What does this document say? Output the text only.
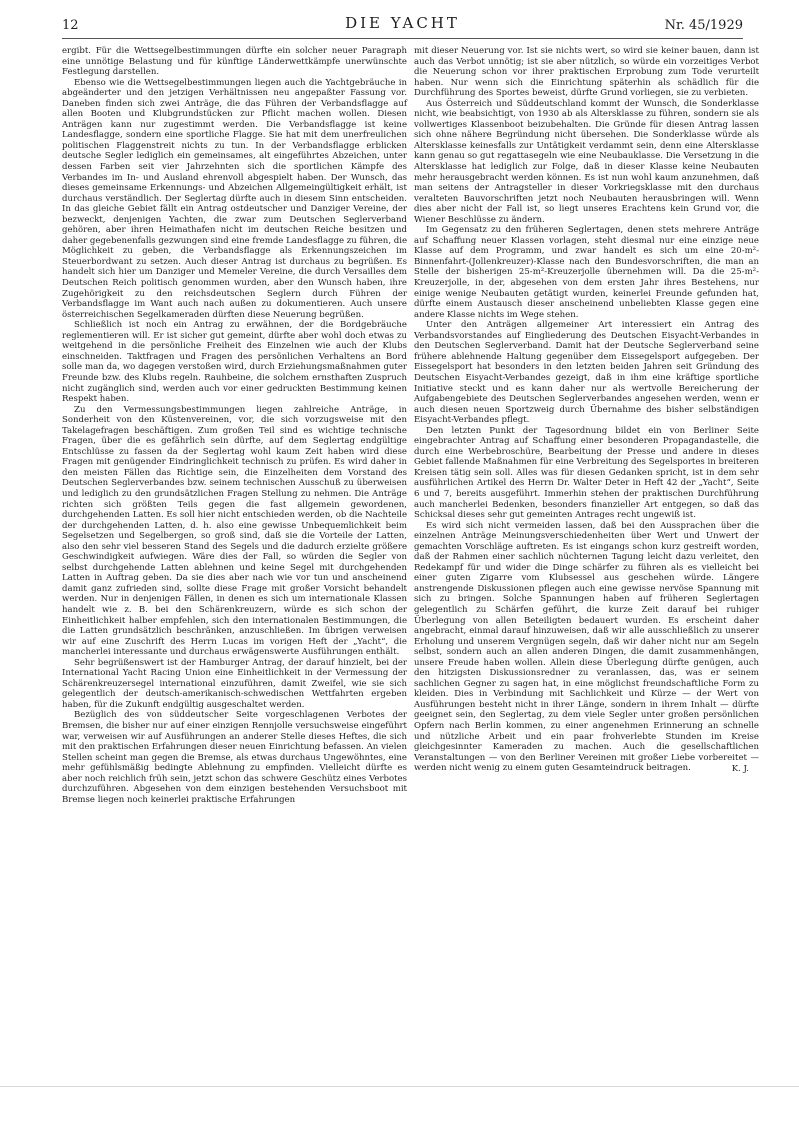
12	DIE YACHT	Nr. 45/1929

ergibt. Für die Wettsegelbestimmungen dürfte ein solcher neuer Paragraph eine unnötige Belastung und für künftige Länderwettkämpfe unerwünschte Festlegung darstellen.

Ebenso wie die Wettsegelbestimmungen liegen auch die Yachtgebräuche in abgeänderter und den jetzigen Verhältnissen neu angepaßter Fassung vor. Daneben finden sich zwei Anträge, die das Führen der Verbandsflagge auf allen Booten und Klubgrundstücken zur Pflicht machen wollen. Diesen Anträgen kann nur zugestimmt werden. Die Verbandsflagge ist keine Landesflagge, sondern eine sportliche Flagge. Sie hat mit dem unerfreulichen politischen Flaggenstreit nichts zu tun. In der Verbandsflagge erblicken deutsche Segler lediglich ein gemeinsames, alt eingeführtes Abzeichen, unter dessen Farben seit vier Jahrzehnten sich die sportlichen Kämpfe des Verbandes im In- und Ausland ehrenvoll abgespielt haben. Der Wunsch, das dieses gemeinsame Erkennungs- und Abzeichen Allgemeingültigkeit erhält, ist durchaus verständlich. Der Seglertag dürfte auch in diesem Sinn entscheiden. In das gleiche Gebiet fällt ein Antrag ostdeutscher und Danziger Vereine, der bezweckt, denjenigen Yachten, die zwar zum Deutschen Seglerverband gehören, aber ihren Heimathafen nicht im deutschen Reiche besitzen und daher gegebenenfalls gezwungen sind eine fremde Landesflagge zu führen, die Möglichkeit zu geben, die Verbandsflagge als Erkennungszeichen im Steuerbordwant zu setzen. Auch dieser Antrag ist durchaus zu begrüßen. Es handelt sich hier um Danziger und Memeler Vereine, die durch Versailles dem Deutschen Reich politisch genommen wurden, aber den Wunsch haben, ihre Zugehörigkeit zu den reichsdeutschen Seglern durch Führen der Verbandsflagge im Want auch nach außen zu dokumentieren. Auch unsere österreichischen Segelkameraden dürften diese Neuerung begrüßen.

Schließlich ist noch ein Antrag zu erwähnen, der die Bordgebräuche reglementieren will. Er ist sicher gut gemeint, dürfte aber wohl doch etwas zu weitgehend in die persönliche Freiheit des Einzelnen wie auch der Klubs einschneiden. Taktfragen und Fragen des persönlichen Verhaltens an Bord solle man da, wo dagegen verstoßen wird, durch Erziehungsmaßnahmen guter Freunde bzw. des Klubs regeln. Rauhbeine, die solchem ernsthaften Zuspruch nicht zugänglich sind, werden auch vor einer gedruckten Bestimmung keinen Respekt haben.

Zu den Vermessungsbestimmungen liegen zahlreiche Anträge, in Sonderheit von den Küstenvereinen, vor, die sich vorzugsweise mit den Takelagefragen beschäftigen. Zum großen Teil sind es wichtige technische Fragen, über die es gefährlich sein dürfte, auf dem Seglertag endgültige Entschlüsse zu fassen da der Seglertag wohl kaum Zeit haben wird diese Fragen mit genügender Eindringlichkeit technisch zu prüfen. Es wird daher in den meisten Fällen das Richtige sein, die Einzelheiten dem Vorstand des Deutschen Seglerverbandes bzw. seinem technischen Ausschuß zu überweisen und lediglich zu den grundsätzlichen Fragen Stellung zu nehmen. Die Anträge richten sich größten Teils gegen die fast allgemein gewordenen, durchgehenden Latten. Es soll hier nicht entschieden werden, ob die Nachteile der durchgehenden Latten, d. h. also eine gewisse Unbequemlichkeit beim Segelsetzen und Segelbergen, so groß sind, daß sie die Vorteile der Latten, also den sehr viel besseren Stand des Segels und die dadurch erzielte größere Geschwindigkeit aufwiegen. Wäre dies der Fall, so würden die Segler von selbst durchgehende Latten ablehnen und keine Segel mit durchgehenden Latten in Auftrag geben. Da sie dies aber nach wie vor tun und anscheinend damit ganz zufrieden sind, sollte diese Frage mit großer Vorsicht behandelt werden. Nur in denjenigen Fällen, in denen es sich um internationale Klassen handelt wie z. B. bei den Schärenkreuzern, würde es sich schon der Einheitlichkeit halber empfehlen, sich den internationalen Bestimmungen, die die Latten grundsätzlich beschränken, anzuschließen. Im übrigen verweisen wir auf eine Zuschrift des Herrn Lucas im vorigen Heft der „Yacht“, die mancherlei interessante und durchaus erwägenswerte Ausführungen enthält.

Sehr begrüßenswert ist der Hamburger Antrag, der darauf hinzielt, bei der International Yacht Racing Union eine Einheitlichkeit in der Vermessung der Schärenkreuzersegel international einzuführen, damit Zweifel, wie sie sich gelegentlich der deutsch-amerikanisch-schwedischen Wettfahrten ergeben haben, für die Zukunft endgültig ausgeschaltet werden.

Bezüglich des von süddeutscher Seite vorgeschlagenen Verbotes der Bremsen, die bisher nur auf einer einzigen Rennjolle versuchsweise eingeführt war, verweisen wir auf Ausführungen an anderer Stelle dieses Heftes, die sich mit den praktischen Erfahrungen dieser neuen Einrichtung befassen. An vielen Stellen scheint man gegen die Bremse, als etwas durchaus Ungewöhntes, eine mehr gefühlsmäßig bedingte Ablehnung zu empfinden. Vielleicht dürfte es aber noch reichlich früh sein, jetzt schon das schwere Geschütz eines Verbotes durchzuführen. Abgesehen von dem einzigen bestehenden Versuchsboot mit Bremse liegen noch keinerlei praktische Erfahrungen

mit dieser Neuerung vor. Ist sie nichts wert, so wird sie keiner bauen, dann ist auch das Verbot unnötig; ist sie aber nützlich, so würde ein vorzeitiges Verbot die Neuerung schon vor ihrer praktischen Erprobung zum Tode verurteilt haben. Nur wenn sich die Einrichtung späterhin als schädlich für die Durchführung des Sportes beweist, dürfte Grund vorliegen, sie zu verbieten.

Aus Österreich und Süddeutschland kommt der Wunsch, die Sonderklasse nicht, wie beabsichtigt, von 1930 ab als Altersklasse zu führen, sondern sie als vollwertiges Klassenboot beizubehalten. Die Gründe für diesen Antrag lassen sich ohne nähere Begründung nicht übersehen. Die Sonderklasse würde als Altersklasse keinesfalls zur Untätigkeit verdammt sein, denn eine Altersklasse kann genau so gut regattasegeln wie eine Neubauklasse. Die Versetzung in die Altersklasse hat lediglich zur Folge, daß in dieser Klasse keine Neubauten mehr herausgebracht werden können. Es ist nun wohl kaum anzunehmen, daß man seitens der Antragsteller in dieser Vorkriegsklasse mit den durchaus veralteten Bauvorschriften jetzt noch Neubauten herausbringen will. Wenn dies aber nicht der Fall ist, so liegt unseres Erachtens kein Grund vor, die Wiener Beschlüsse zu ändern.

Im Gegensatz zu den früheren Seglertagen, denen stets mehrere Anträge auf Schaffung neuer Klassen vorlagen, steht diesmal nur eine einzige neue Klasse auf dem Programm, und zwar handelt es sich um eine 20-m²-Binnenfahrt-(Jollenkreuzer)-Klasse nach den Bundesvorschriften, die man an Stelle der bisherigen 25-m²-Kreuzerjolle übernehmen will. Da die 25-m²-Kreuzerjolle, in der, abgesehen von dem ersten Jahr ihres Bestehens, nur einige wenige Neubauten getätigt wurden, keinerlei Freunde gefunden hat, dürfte einem Austausch dieser anscheinend unbeliebten Klasse gegen eine andere Klasse nichts im Wege stehen.

Unter den Anträgen allgemeiner Art interessiert ein Antrag des Verbandsvorstandes auf Eingliederung des Deutschen Eisyacht-Verbandes in den Deutschen Seglerverband. Damit hat der Deutsche Seglerverband seine frühere ablehnende Haltung gegenüber dem Eissegelsport aufgegeben. Der Eissegelsport hat besonders in den letzten beiden Jahren seit Gründung des Deutschen Eisyacht-Verbandes gezeigt, daß in ihm eine kräftige sportliche Initiative steckt und es kann daher nur als wertvolle Bereicherung der Aufgabengebiete des Deutschen Seglerverbandes angesehen werden, wenn er auch diesen neuen Sportzweig durch Übernahme des bisher selbständigen Eisyacht-Verbandes pflegt.

Den letzten Punkt der Tagesordnung bildet ein von Berliner Seite eingebrachter Antrag auf Schaffung einer besonderen Propagandastelle, die durch eine Werbebroschüre, Bearbeitung der Presse und andere in dieses Gebiet fallende Maßnahmen für eine Verbreitung des Segelsportes in breiteren Kreisen tätig sein soll. Alles was für diesen Gedanken spricht, ist in dem sehr ausführlichen Artikel des Herrn Dr. Walter Deter in Heft 42 der „Yacht“, Seite 6 und 7, bereits ausgeführt. Immerhin stehen der praktischen Durchführung auch mancherlei Bedenken, besonders finanzieller Art entgegen, so daß das Schicksal dieses sehr gut gemeinten Antrages recht ungewiß ist.

Es wird sich nicht vermeiden lassen, daß bei den Aussprachen über die einzelnen Anträge Meinungsverschiedenheiten über Wert und Unwert der gemachten Vorschläge auftreten. Es ist eingangs schon kurz gestreift worden, daß der Rahmen einer sachlich nüchternen Tagung leicht dazu verleitet, den Redekampf für und wider die Dinge schärfer zu führen als es vielleicht bei einer guten Zigarre vom Klubsessel aus geschehen würde. Längere anstrengende Diskussionen pflegen auch eine gewisse nervöse Spannung mit sich zu bringen. Solche Spannungen haben auf früheren Seglertagen gelegentlich zu Schärfen geführt, die kurze Zeit darauf bei ruhiger Überlegung von allen Beteiligten bedauert wurden. Es erscheint daher angebracht, einmal darauf hinzuweisen, daß wir alle ausschließlich zu unserer Erholung und unserem Vergnügen segeln, daß wir daher nicht nur am Segeln selbst, sondern auch an allen anderen Dingen, die damit zusammenhängen, unsere Freude haben wollen. Allein diese Überlegung dürfte genügen, auch den hitzigsten Diskussionsredner zu veranlassen, das, was er seinem sachlichen Gegner zu sagen hat, in eine möglichst freundschaftliche Form zu kleiden. Dies in Verbindung mit Sachlichkeit und Kürze — der Wert von Ausführungen besteht nicht in ihrer Länge, sondern in ihrem Inhalt — dürfte geeignet sein, den Seglertag, zu dem viele Segler unter großen persönlichen Opfern nach Berlin kommen, zu einer angenehmen Erinnerung an schnelle und nützliche Arbeit und ein paar frohverlebte Stunden im Kreise gleichgesinnter Kameraden zu machen. Auch die gesellschaftlichen Veranstaltungen — von den Berliner Vereinen mit großer Liebe vorbereitet — werden nicht wenig zu einem guten Gesamteindruck beitragen.	K. J.
